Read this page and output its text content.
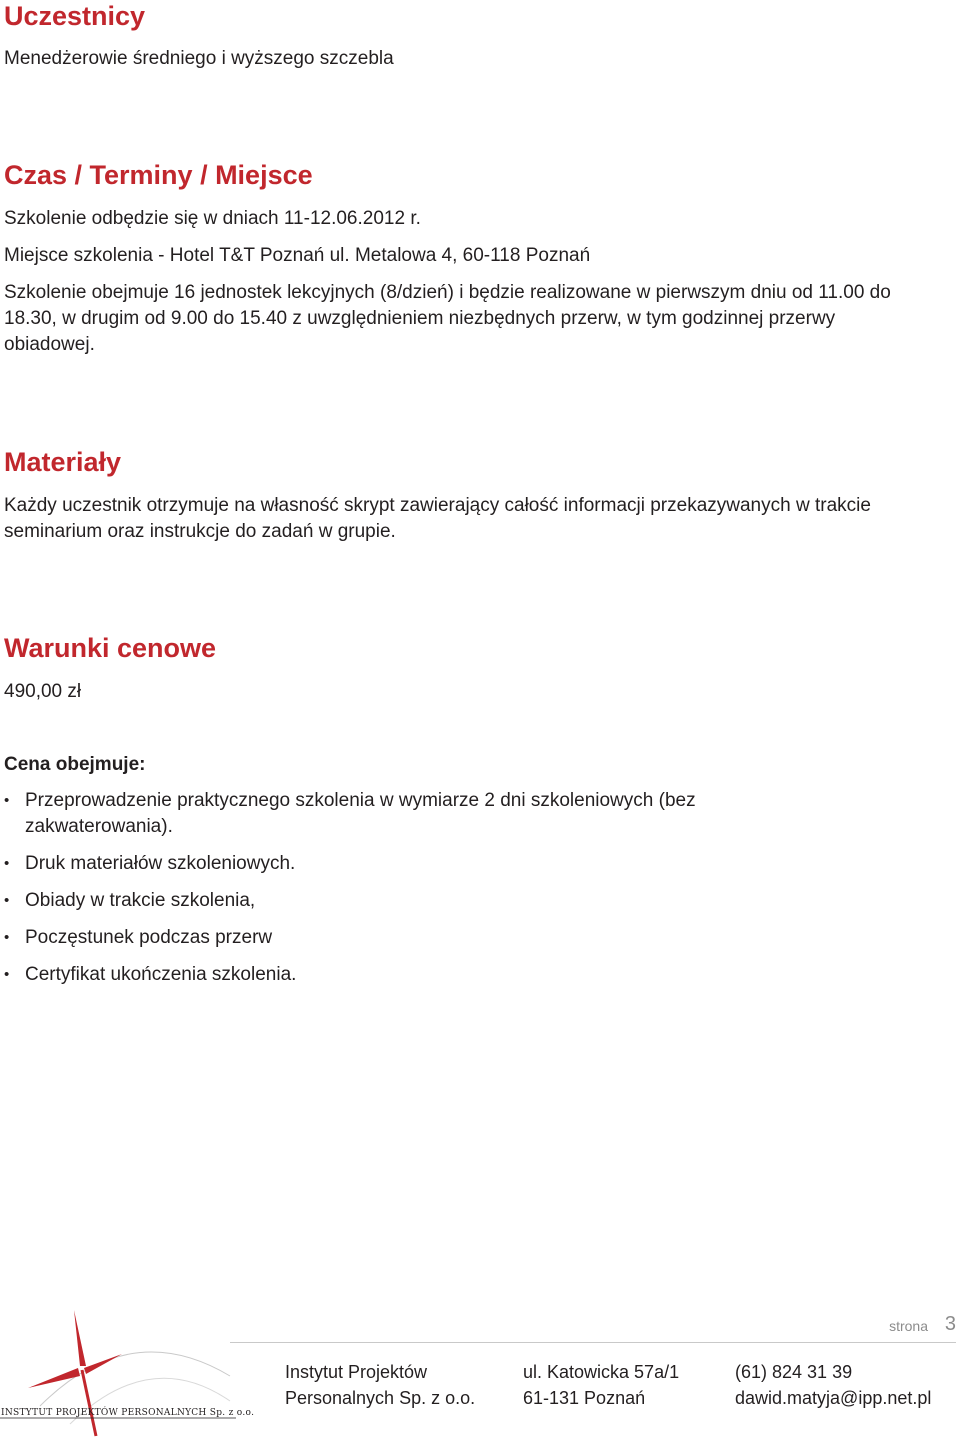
Uczestnicy

Menedżerowie średniego i wyższego szczebla

Czas / Terminy / Miejsce

Szkolenie odbędzie się w dniach 11-12.06.2012 r.

Miejsce szkolenia - Hotel T&T Poznań ul. Metalowa 4, 60-118 Poznań

Szkolenie obejmuje 16 jednostek lekcyjnych (8/dzień) i będzie realizowane w pierwszym dniu od 11.00 do 18.30, w drugim od 9.00 do 15.40 z uwzględnieniem niezbędnych przerw, w tym godzinnej przerwy obiadowej.

Materiały

Każdy uczestnik otrzymuje na własność skrypt zawierający całość informacji przekazywanych w trakcie seminarium oraz instrukcje do zadań w grupie.

Warunki cenowe

490,00 zł

Cena obejmuje:

• Przeprowadzenie praktycznego szkolenia w wymiarze 2 dni szkoleniowych (bez zakwaterowania).
• Druk materiałów szkoleniowych.
• Obiady w trakcie szkolenia,
• Poczęstunek podczas przerw
• Certyfikat ukończenia szkolenia.
INSTYTUT PROJEKTÓW PERSONALNYCH Sp. z o.o.
strona 3
Instytut Projektów
Personalnych Sp. z o.o.
ul. Katowicka 57a/1
61-131 Poznań
(61) 824 31 39
dawid.matyja@ipp.net.pl
